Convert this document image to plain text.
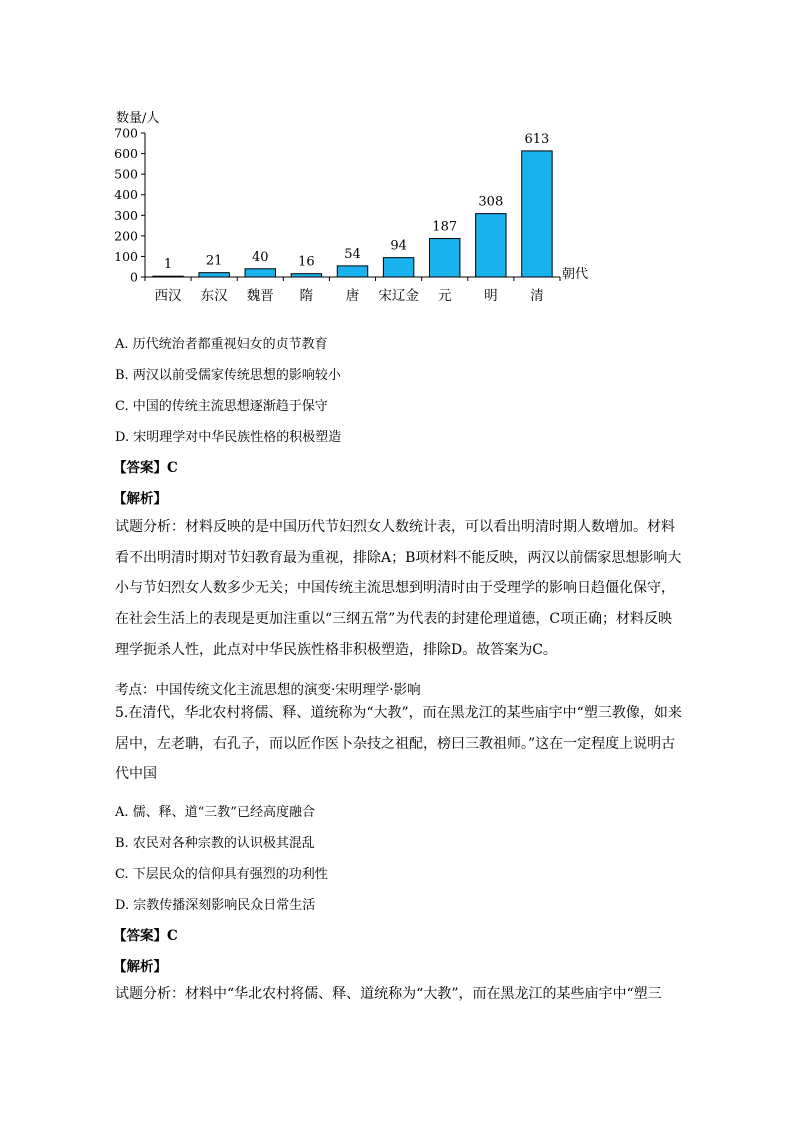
数量/人
0
100
200
300
400
500
600
700
1	21 40 16
54
94
187
308
613
西汉 东汉 魏晋 隋 唐 宋辽金 元 明 清
朝代

A. 历代统治者都重视妇女的贞节教育

B. 两汉以前受儒家传统思想的影响较小

C. 中国的传统主流思想逐渐趋于保守

D. 宋明理学对中华民族性格的积极塑造

【答案】C

【解析】

试题分析：材料反映的是中国历代节妇烈女人数统计表，可以看出明清时期人数增加。材料看不出明清时期对节妇教育最为重视，排除A；B项材料不能反映，两汉以前儒家思想影响大小与节妇烈女人数多少无关；中国传统主流思想到明清时由于受理学的影响日趋僵化保守，在社会生活上的表现是更加注重以“三纲五常”为代表的封建伦理道德，C项正确；材料反映理学扼杀人性，此点对中华民族性格非积极塑造，排除D。故答案为C。

考点：中国传统文化主流思想的演变·宋明理学·影响

5.在清代，华北农村将儒、释、道统称为“大教”，而在黑龙江的某些庙宇中“塑三教像，如来居中，左老聃，右孔子，而以匠作医卜杂技之祖配，榜曰三教祖师。”这在一定程度上说明古代中国

A. 儒、释、道“三教”已经高度融合

B. 农民对各种宗教的认识极其混乱

C. 下层民众的信仰具有强烈的功利性

D. 宗教传播深刻影响民众日常生活

【答案】C

【解析】

试题分析：材料中“华北农村将儒、释、道统称为“大教”，而在黑龙江的某些庙宇中“塑三
